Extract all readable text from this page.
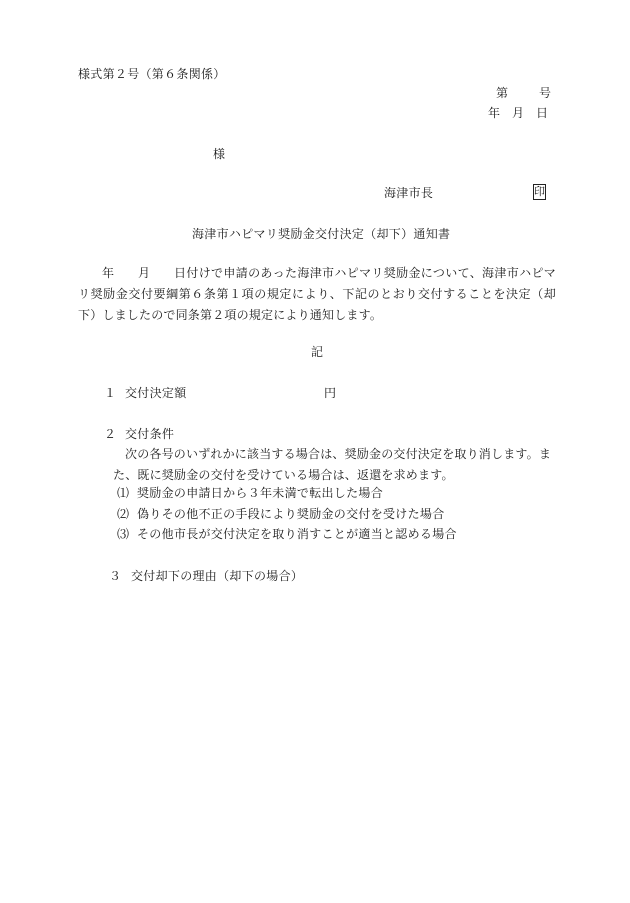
様式第２号（第６条関係）
第	号
年 月 日
様
海津市長	印
海津市ハピマリ奨励金交付決定（却下）通知書
年 月	日付けで申請のあった海津市ハピマリ奨励金について、海津市ハピマリ奨励金交付要綱第６条第１項の規定により、下記のとおり交付することを決定（却下）しましたので同条第２項の規定により通知します。
記
１ 交付決定額	円
２ 交付条件
次の各号のいずれかに該当する場合は、奨励金の交付決定を取り消します。また、既に奨励金の交付を受けている場合は、返還を求めます。
⑴ 奨励金の申請日から３年未満で転出した場合
⑵ 偽りその他不正の手段により奨励金の交付を受けた場合
⑶ その他市長が交付決定を取り消すことが適当と認める場合
３ 交付却下の理由（却下の場合）
